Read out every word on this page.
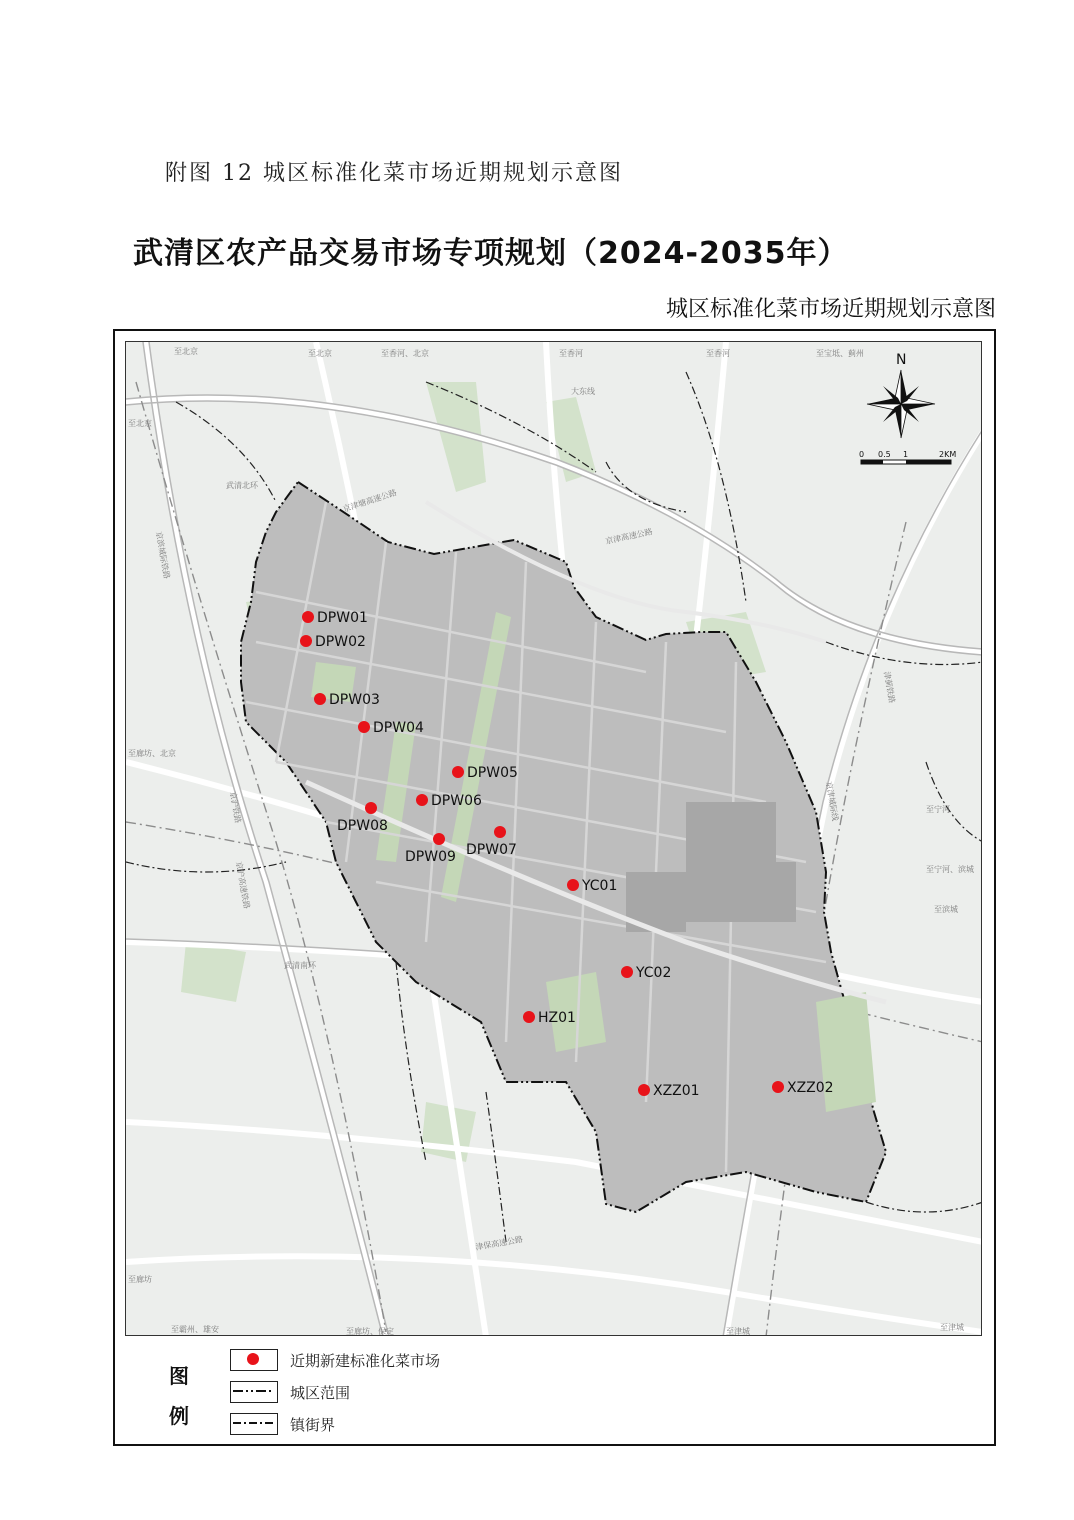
附图 12 城区标准化菜市场近期规划示意图
武清区农产品交易市场专项规划（2024-2035年）
城区标准化菜市场近期规划示意图
至北京	至北京	至香河、北京	至香河	至香河	至宝坻、蓟州
大东线
至北京
武清北环
京津塘高速公路
京津高速公路
京滨城际铁路
京沪铁路
至廊坊、北京
至廊坊
至宁河
至宁河、滨城
至滨城
武清南环
京沪高速铁路
津保高速公路
至廊坊、保定	至津城	至津城
至霸州、雄安
津蓟铁路
京津城际线
N
0 0.5 1	2KM
DPW01
DPW02
DPW03
DPW04
DPW05
DPW06
DPW07
DPW08
DPW09
YC01
YC02
HZ01
XZZ01	XZZ02
图
例
近期新建标准化菜市场
城区范围
镇街界
